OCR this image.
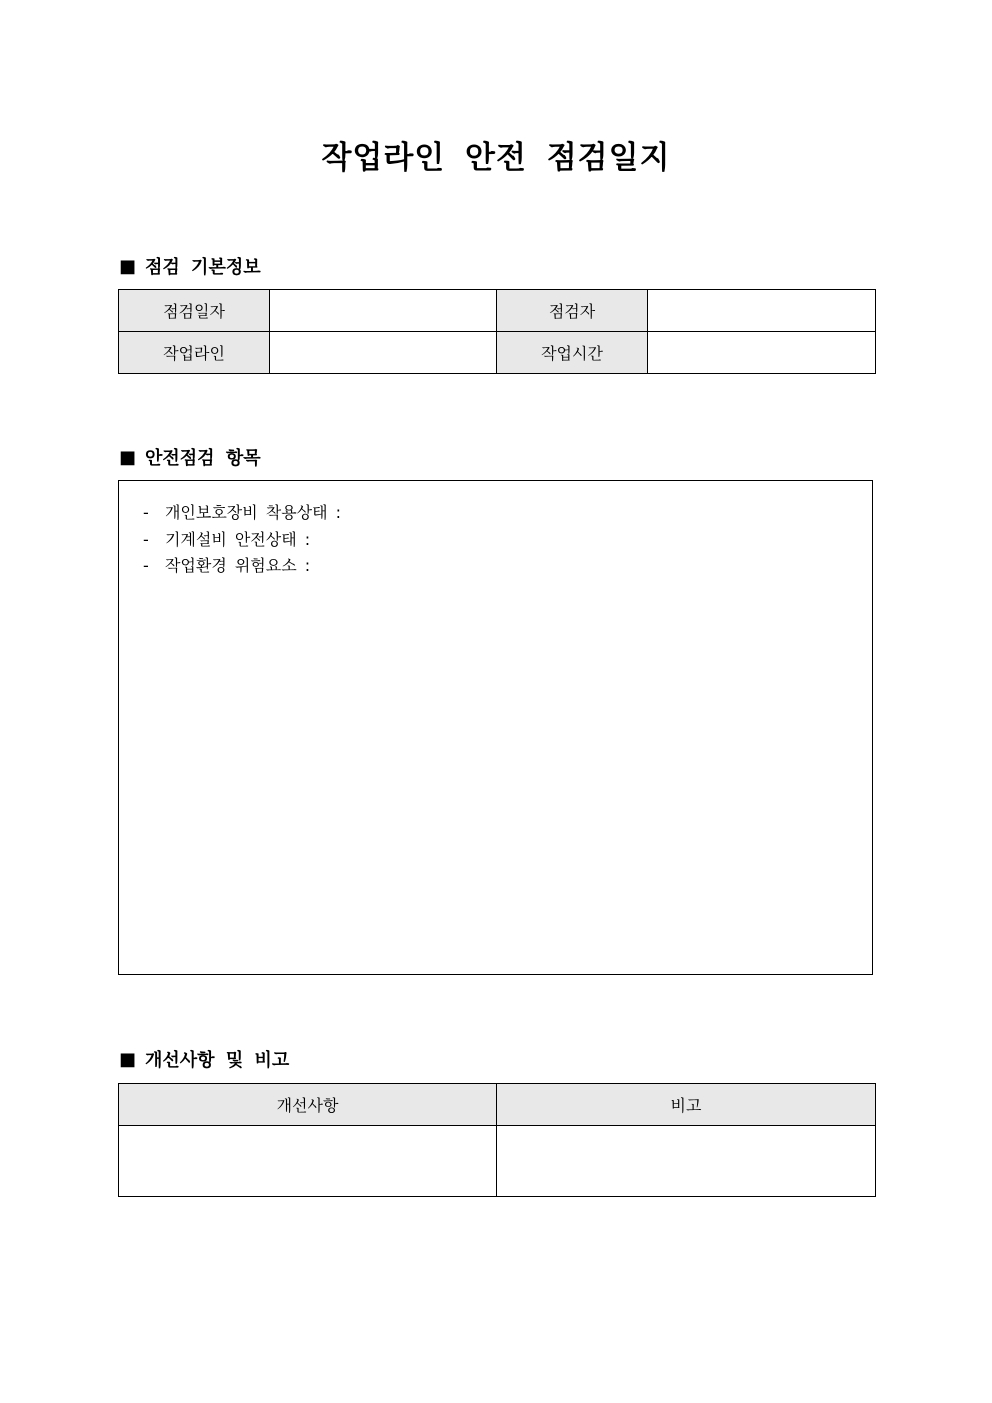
작업라인 안전 점검일지
■ 점검 기본정보
점검일자		점검자	
작업라인		작업시간	
■ 안전점검 항목
-  개인보호장비 착용상태 :
-  기계설비 안전상태 :
-  작업환경 위험요소 :
■ 개선사항 및 비고
개선사항	비고
